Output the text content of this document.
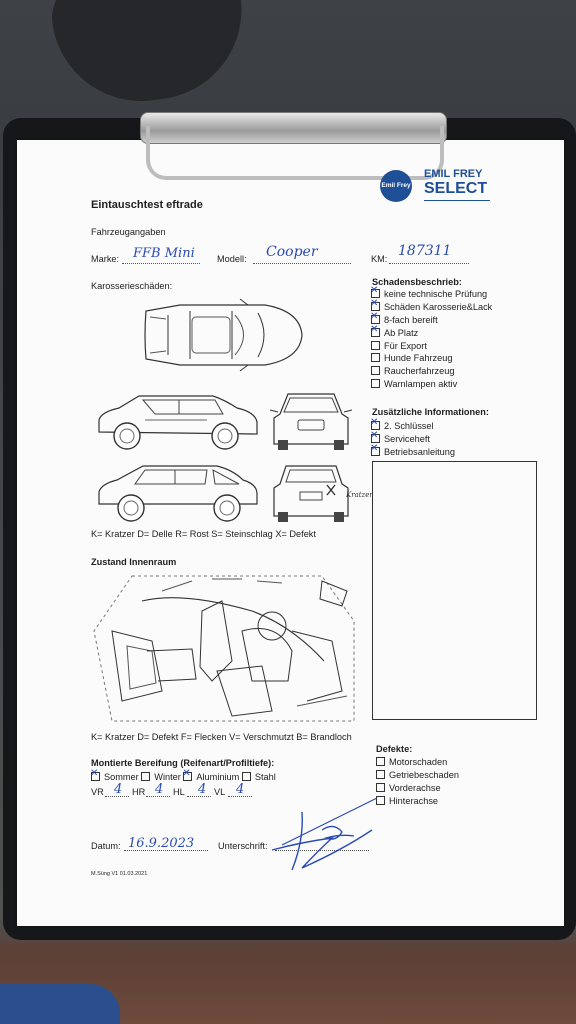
Emil Frey
EMIL FREY
SELECT
Eintauschtest eftrade
Fahrzeugangaben
Marke: FFB Mini Modell: Cooper	KM: 187311
Karosserieschäden:
Kratzer
K= Kratzer D= Delle R= Rost S= Steinschlag X= Defekt
Zustand Innenraum
K= Kratzer D= Defekt F= Flecken V= Verschmutzt B= Brandloch
Montierte Bereifung (Reifenart/Profiltiefe):
✕Sommer Winter ✕ Aluminium Stahl
VR 4 HR 4 HL 4 VL 4
Datum: 16.9.2023	Unterschrift:
M.Süng V1 01.03.2021
Schadensbeschrieb:
✕keine technische Prüfung
✕Schäden Karosserie&Lack
✕8-fach bereift
✕Ab Platz
Für Export
Hunde Fahrzeug
Raucherfahrzeug
Warnlampen aktiv
Zusätzliche Informationen:
✕2. Schlüssel
✕Serviceheft
✕Betriebsanleitung
Defekte:
Motorschaden
Getriebeschaden
Vorderachse
Hinterachse
